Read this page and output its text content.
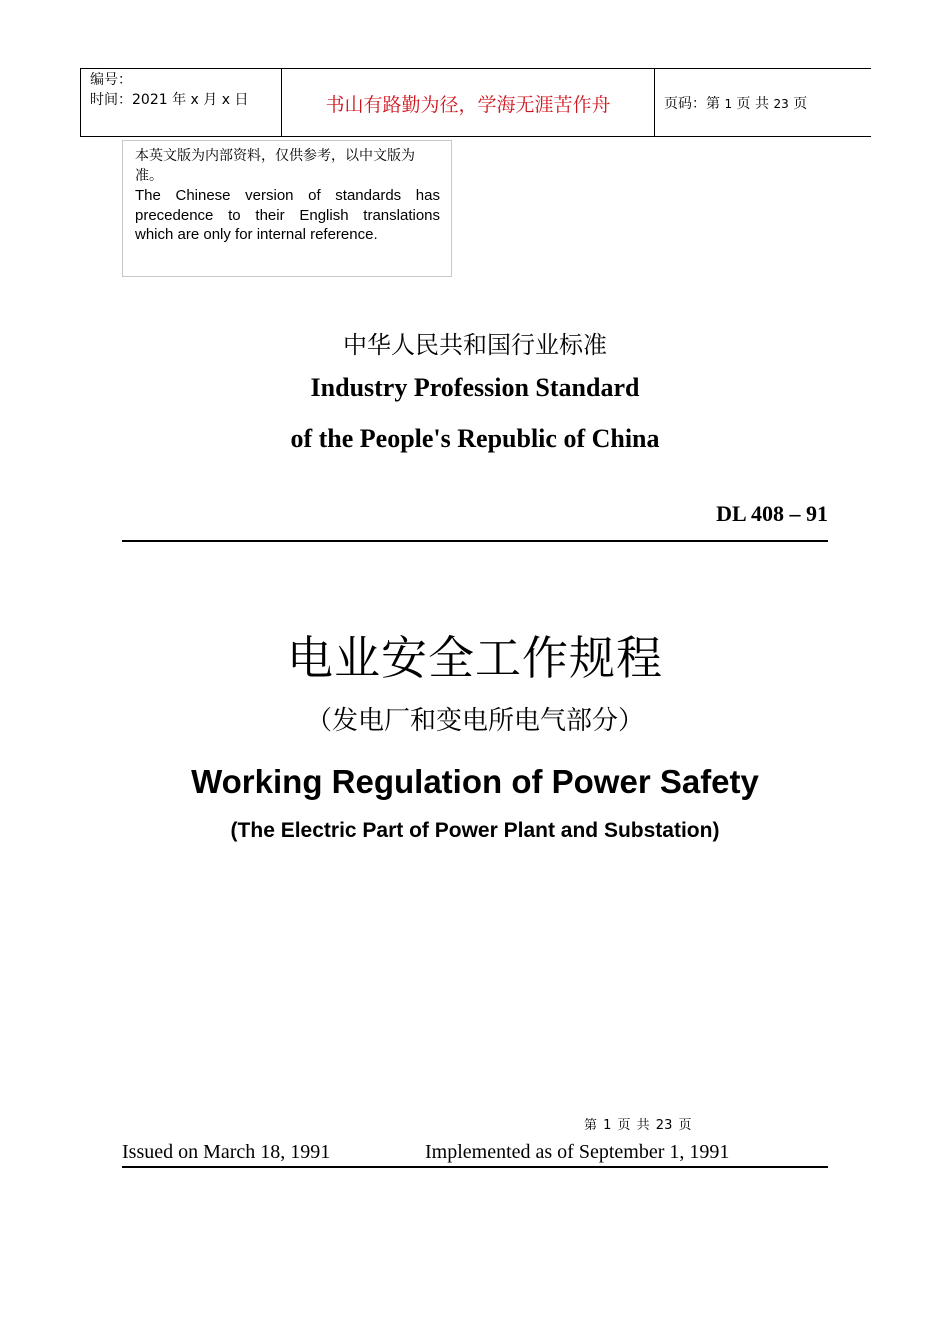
编号：
时间：2021 年 x 月 x 日	书山有路勤为径，学海无涯苦作舟	页码：第 1 页 共 23 页
本英文版为内部资料，仅供参考，以中文版为准。
The Chinese version of standards has precedence to their English translations which are only for internal reference.
中华人民共和国行业标准
Industry Profession Standard
of the People's Republic of China
DL 408 – 91
电业安全工作规程
（发电厂和变电所电气部分）
Working Regulation of Power Safety
(The Electric Part of Power Plant and Substation)
第 1 页 共 23 页
Issued on March 18, 1991	Implemented as of September 1, 1991
